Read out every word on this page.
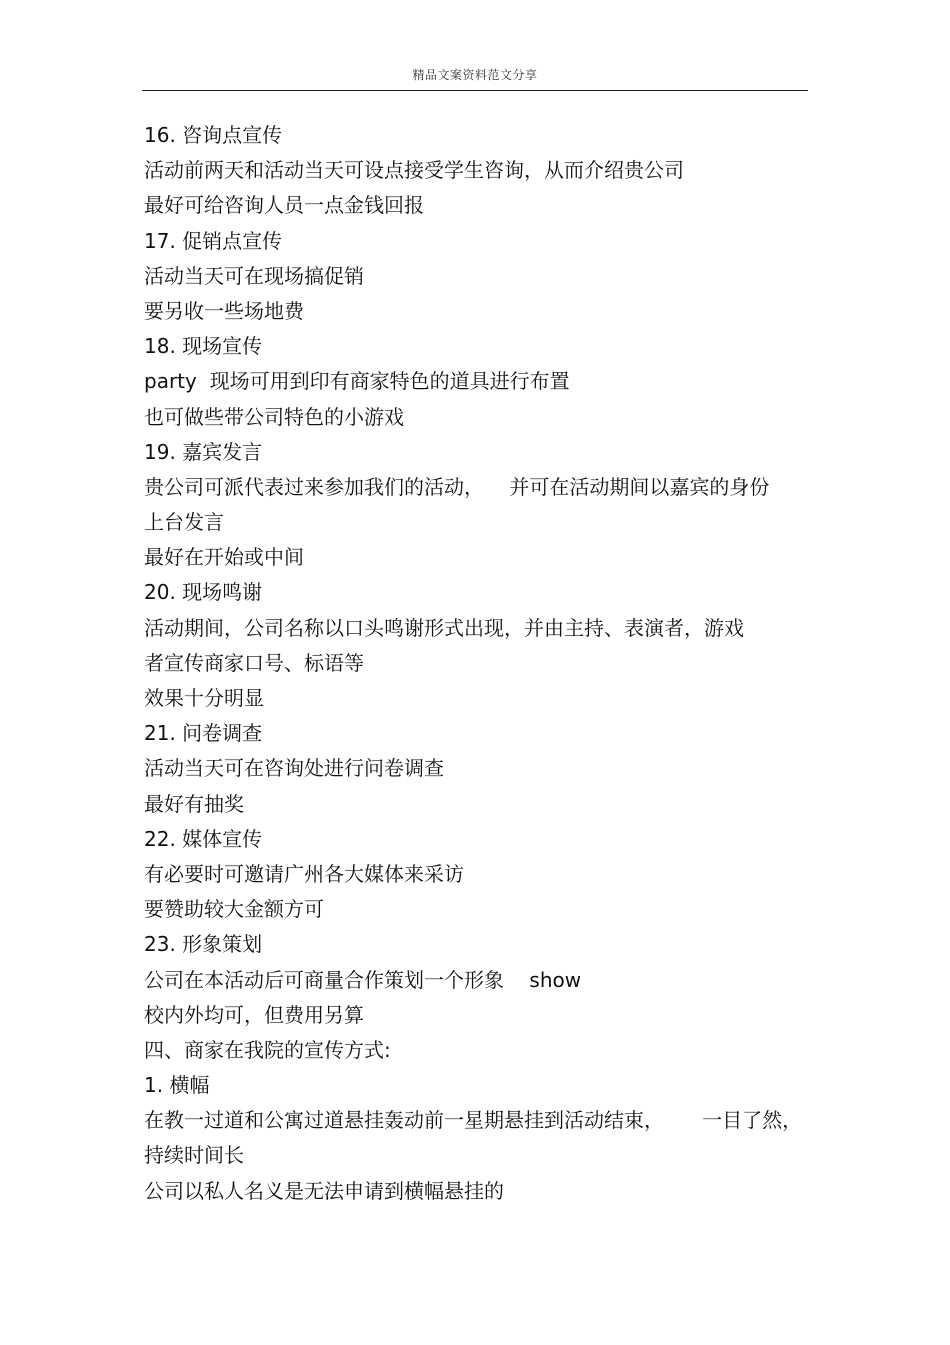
精品文案资料范文分享
16. 咨询点宣传
活动前两天和活动当天可设点接受学生咨询，从而介绍贵公司
最好可给咨询人员一点金钱回报
17. 促销点宣传
活动当天可在现场搞促销
要另收一些场地费
18. 现场宣传
party  现场可用到印有商家特色的道具进行布置
也可做些带公司特色的小游戏
19. 嘉宾发言
贵公司可派代表过来参加我们的活动，    并可在活动期间以嘉宾的身份
上台发言
最好在开始或中间
20. 现场鸣谢
活动期间，公司名称以口头鸣谢形式出现，并由主持、表演者，游戏
者宣传商家口号、标语等
效果十分明显
21. 问卷调查
活动当天可在咨询处进行问卷调查
最好有抽奖
22. 媒体宣传
有必要时可邀请广州各大媒体来采访
要赞助较大金额方可
23. 形象策划
公司在本活动后可商量合作策划一个形象    show
校内外均可，但费用另算
四、商家在我院的宣传方式:
1. 横幅
在教一过道和公寓过道悬挂轰动前一星期悬挂到活动结束，      一目了然，
持续时间长
公司以私人名义是无法申请到横幅悬挂的
